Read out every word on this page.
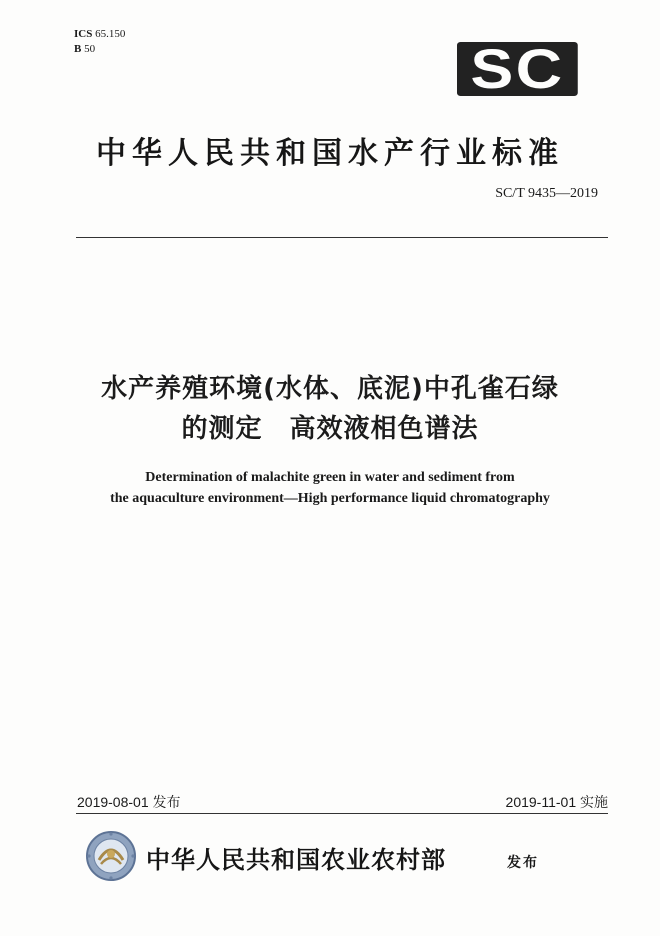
ICS 65.150
B 50	SC
中华人民共和国水产行业标准
SC/T 9435—2019
水产养殖环境(水体、底泥)中孔雀石绿
的测定　高效液相色谱法
Determination of malachite green in water and sediment from
the aquaculture environment—High performance liquid chromatography
2019-08-01 发布	2019-11-01 实施
中华人民共和国农业农村部	发布
